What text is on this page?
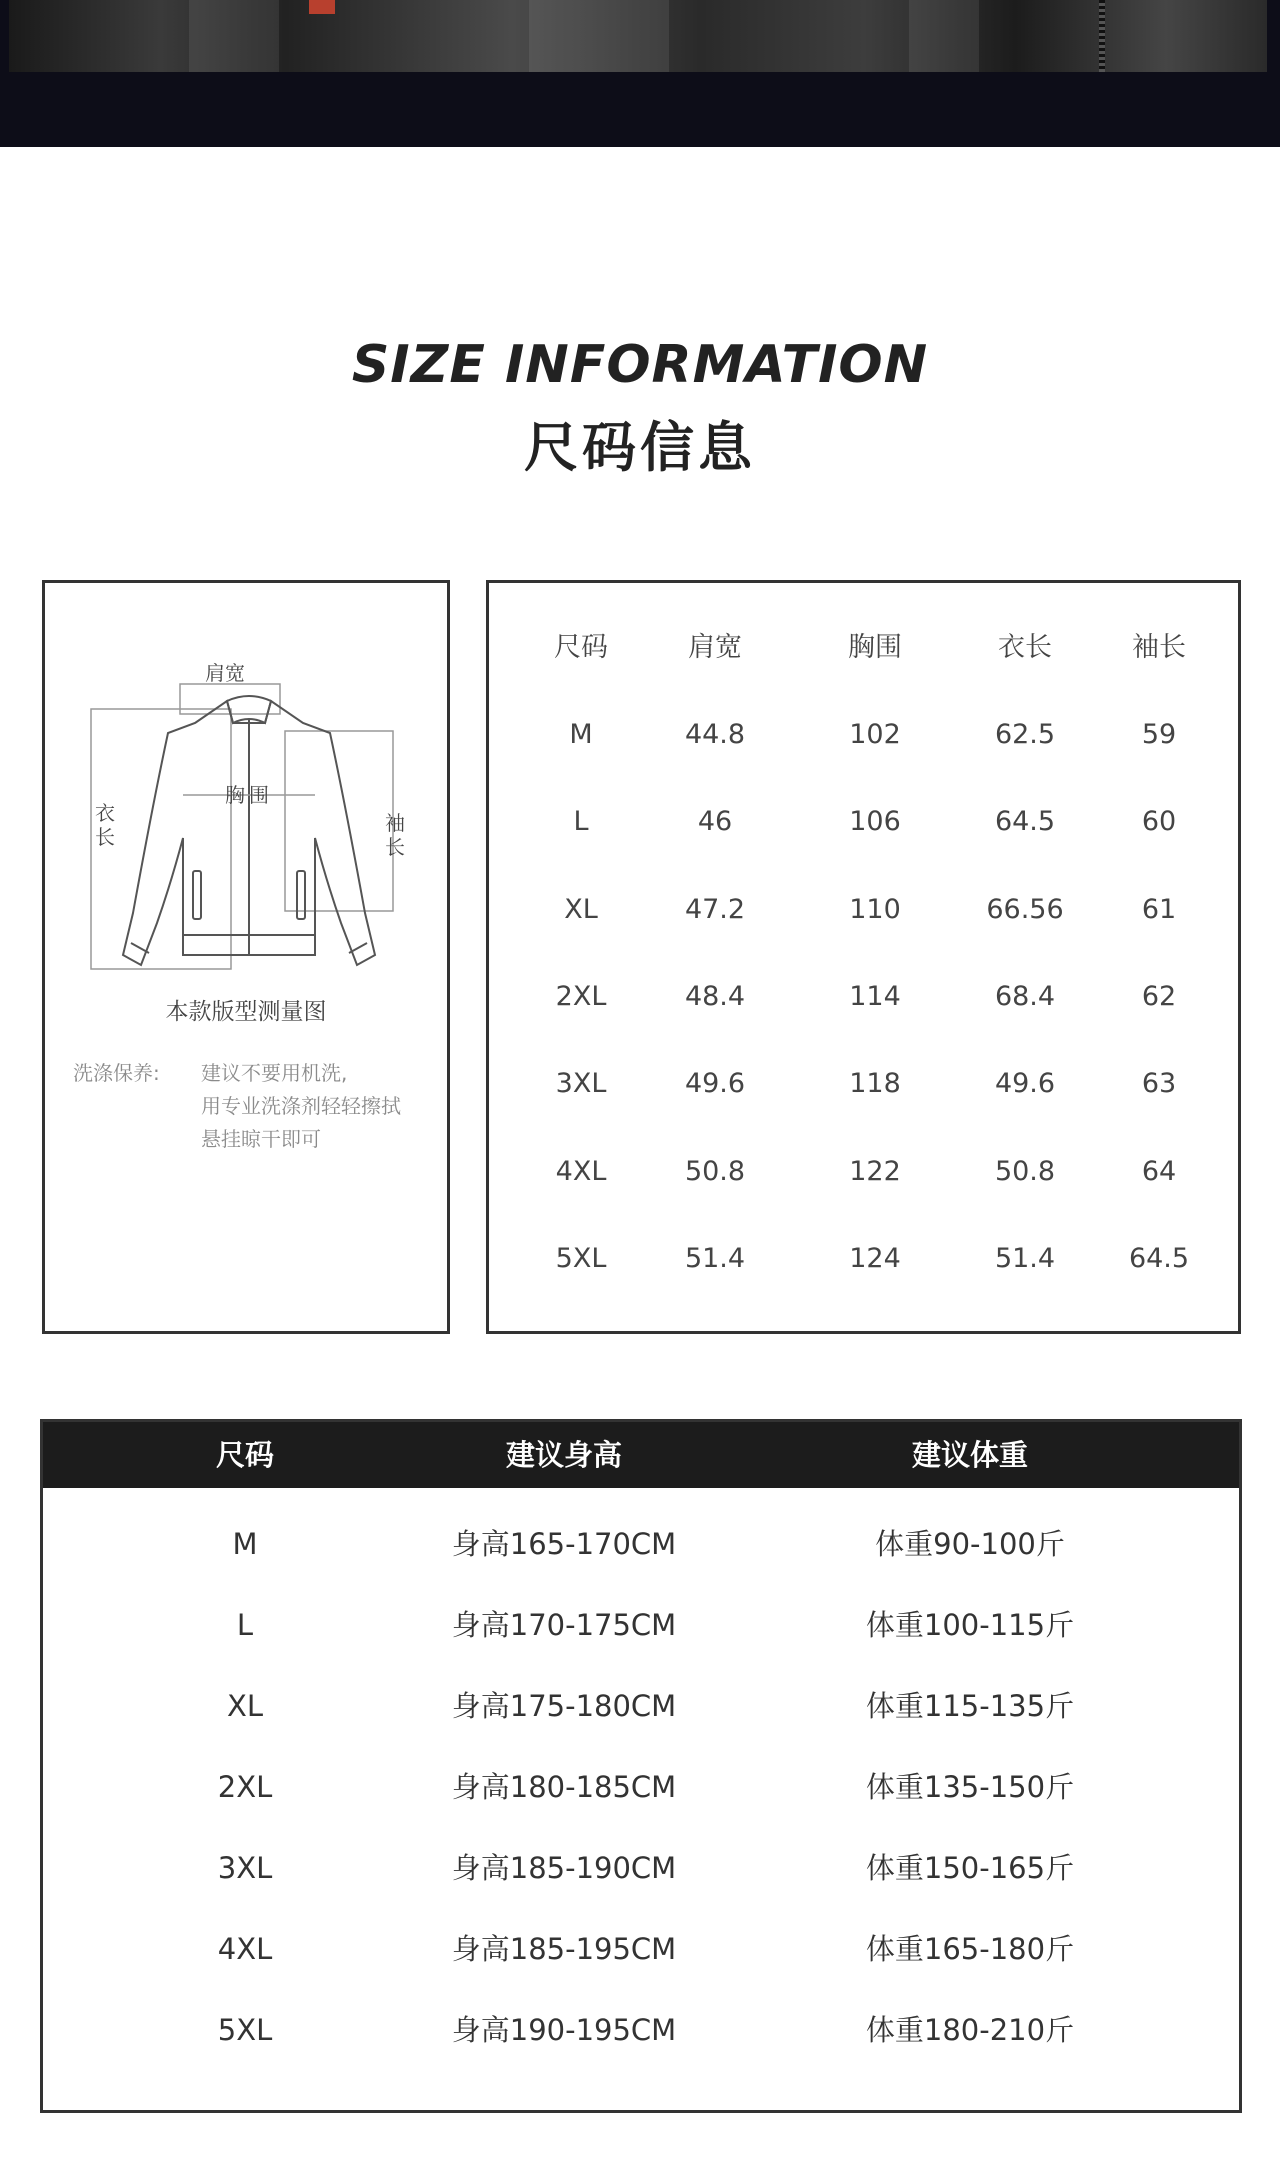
SIZE INFORMATION
尺码信息
肩宽
胸围
衣长
袖长
本款版型测量图
洗涤保养: 建议不要用机洗,
用专业洗涤剂轻轻擦拭
悬挂晾干即可
尺码	肩宽	胸围	衣长	袖长
M	44.8	102	62.5	59
L	46	106	64.5	60
XL	47.2	110	66.56	61
2XL	48.4	114	68.4	62
3XL	49.6	118	49.6	63
4XL	50.8	122	50.8	64
5XL	51.4	124	51.4	64.5
尺码	建议身高	建议体重
M	身高165-170CM	体重90-100斤
L	身高170-175CM	体重100-115斤
XL	身高175-180CM	体重115-135斤
2XL	身高180-185CM	体重135-150斤
3XL	身高185-190CM	体重150-165斤
4XL	身高185-195CM	体重165-180斤
5XL	身高190-195CM	体重180-210斤
